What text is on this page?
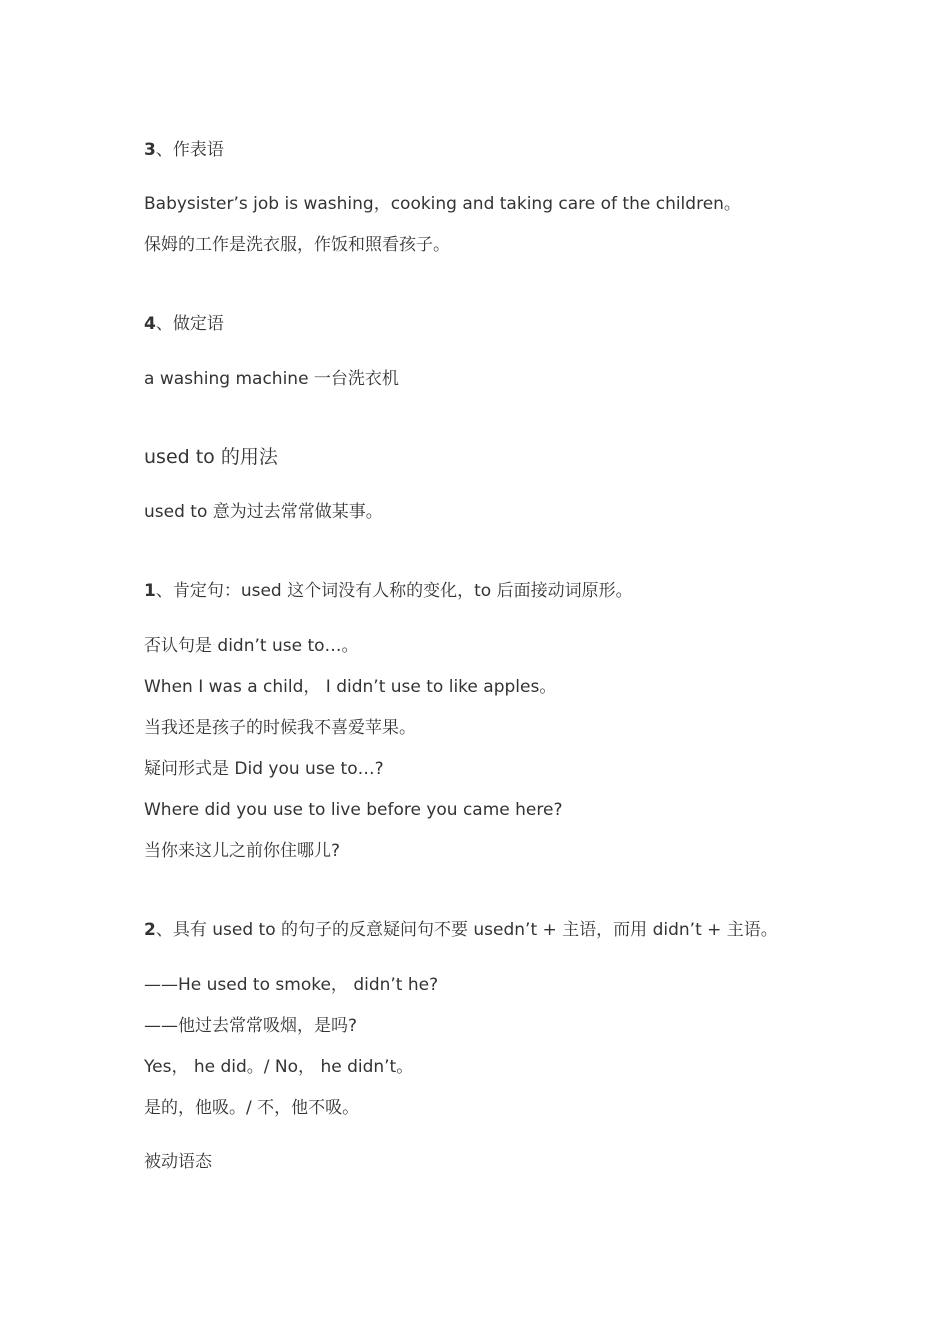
3、作表语

Babysister’s job is washing，cooking and taking care of the children。

保姆的工作是洗衣服，作饭和照看孩子。

4、做定语

a washing machine 一台洗衣机

used to 的用法

used to 意为过去常常做某事。

1、肯定句：used 这个词没有人称的变化，to 后面接动词原形。

否认句是 didn’t use to…。

When I was a child， I didn’t use to like apples。

当我还是孩子的时候我不喜爱苹果。

疑问形式是 Did you use to…?

Where did you use to live before you came here?

当你来这儿之前你住哪儿?

2、具有 used to 的句子的反意疑问句不要 usedn’t + 主语，而用 didn’t + 主语。

——He used to smoke， didn’t he?

——他过去常常吸烟，是吗?

Yes， he did。/ No， he didn’t。

是的，他吸。/ 不，他不吸。

被动语态
